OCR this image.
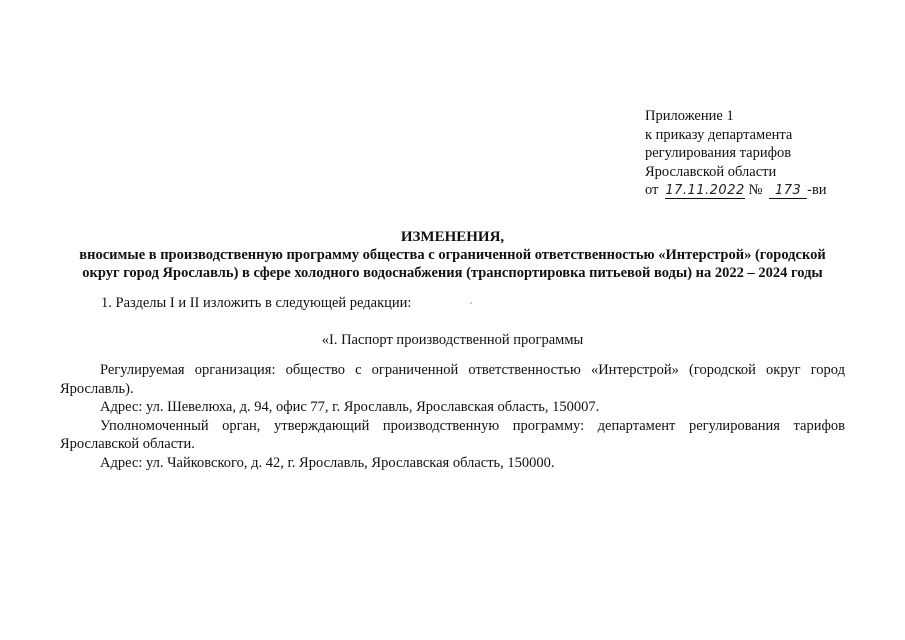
Приложение 1
к приказу департамента
регулирования тарифов
Ярославской области
от 17.11.2022 № 173 -ви
ИЗМЕНЕНИЯ,
вносимые в производственную программу общества с ограниченной ответственностью «Интерстрой» (городской
округ город Ярославль) в сфере холодного водоснабжения (транспортировка питьевой воды) на 2022 – 2024 годы
1. Разделы I и II изложить в следующей редакции:
«I. Паспорт производственной программы

Регулируемая организация: общество с ограниченной ответственностью «Интерстрой» (городской округ город Ярославль).

Адрес: ул. Шевелюха, д. 94, офис 77, г. Ярославль, Ярославская область, 150007.

Уполномоченный орган, утверждающий производственную программу: департамент регулирования тарифов Ярославской области.

Адрес: ул. Чайковского, д. 42, г. Ярославль, Ярославская область, 150000.
